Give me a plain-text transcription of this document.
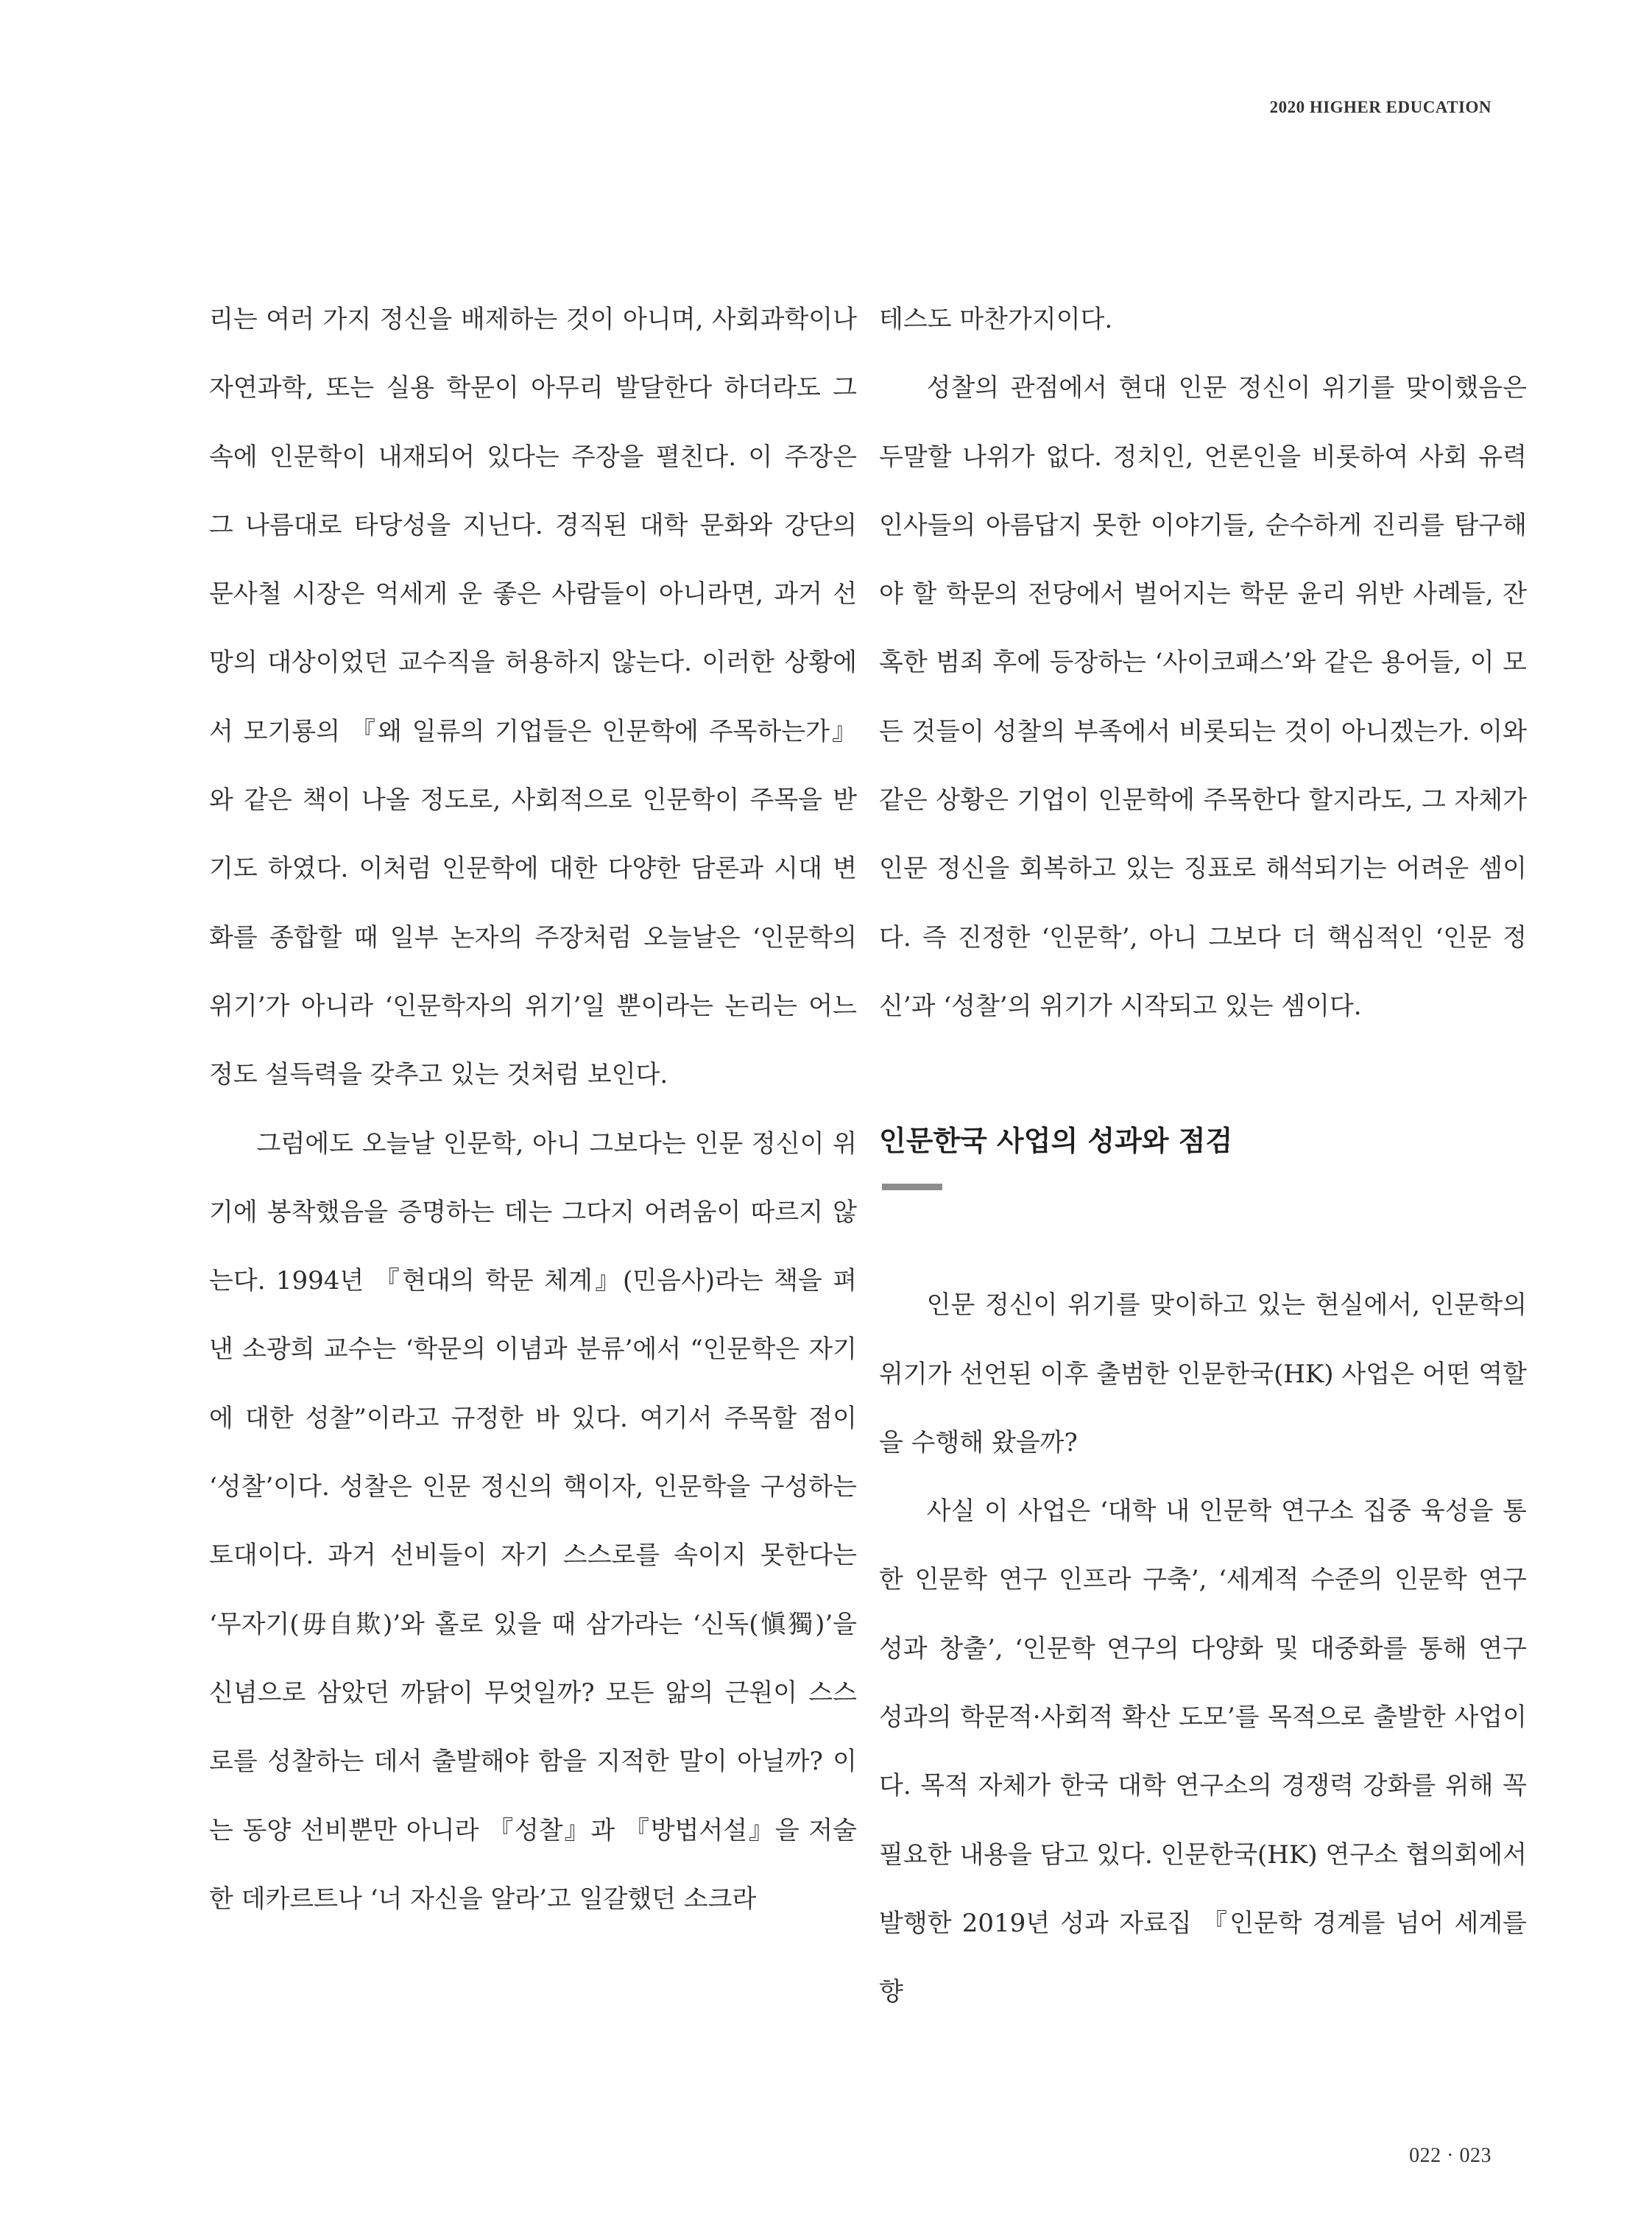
2020 HIGHER EDUCATION

리는 여러 가지 정신을 배제하는 것이 아니며, 사회과학이나 자연과학, 또는 실용 학문이 아무리 발달한다 하더라도 그 속에 인문학이 내재되어 있다는 주장을 펼친다. 이 주장은 그 나름대로 타당성을 지닌다. 경직된 대학 문화와 강단의 문사철 시장은 억세게 운 좋은 사람들이 아니라면, 과거 선망의 대상이었던 교수직을 허용하지 않는다. 이러한 상황에서 모기룡의 『왜 일류의 기업들은 인문학에 주목하는가』와 같은 책이 나올 정도로, 사회적으로 인문학이 주목을 받기도 하였다. 이처럼 인문학에 대한 다양한 담론과 시대 변화를 종합할 때 일부 논자의 주장처럼 오늘날은 ‘인문학의 위기’가 아니라 ‘인문학자의 위기’일 뿐이라는 논리는 어느 정도 설득력을 갖추고 있는 것처럼 보인다.

그럼에도 오늘날 인문학, 아니 그보다는 인문 정신이 위기에 봉착했음을 증명하는 데는 그다지 어려움이 따르지 않는다. 1994년 『현대의 학문 체계』(민음사)라는 책을 펴낸 소광희 교수는 ‘학문의 이념과 분류’에서 “인문학은 자기에 대한 성찰”이라고 규정한 바 있다. 여기서 주목할 점이 ‘성찰’이다. 성찰은 인문 정신의 핵이자, 인문학을 구성하는 토대이다. 과거 선비들이 자기 스스로를 속이지 못한다는 ‘무자기(毋自欺)’와 홀로 있을 때 삼가라는 ‘신독(愼獨)’을 신념으로 삼았던 까닭이 무엇일까? 모든 앎의 근원이 스스로를 성찰하는 데서 출발해야 함을 지적한 말이 아닐까? 이는 동양 선비뿐만 아니라 『성찰』과 『방법서설』을 저술한 데카르트나 ‘너 자신을 알라’고 일갈했던 소크라

테스도 마찬가지이다.

성찰의 관점에서 현대 인문 정신이 위기를 맞이했음은 두말할 나위가 없다. 정치인, 언론인을 비롯하여 사회 유력 인사들의 아름답지 못한 이야기들, 순수하게 진리를 탐구해야 할 학문의 전당에서 벌어지는 학문 윤리 위반 사례들, 잔혹한 범죄 후에 등장하는 ‘사이코패스’와 같은 용어들, 이 모든 것들이 성찰의 부족에서 비롯되는 것이 아니겠는가. 이와 같은 상황은 기업이 인문학에 주목한다 할지라도, 그 자체가 인문 정신을 회복하고 있는 징표로 해석되기는 어려운 셈이다. 즉 진정한 ‘인문학’, 아니 그보다 더 핵심적인 ‘인문 정신’과 ‘성찰’의 위기가 시작되고 있는 셈이다.

인문한국 사업의 성과와 점검

인문 정신이 위기를 맞이하고 있는 현실에서, 인문학의 위기가 선언된 이후 출범한 인문한국(HK) 사업은 어떤 역할을 수행해 왔을까?

사실 이 사업은 ‘대학 내 인문학 연구소 집중 육성을 통한 인문학 연구 인프라 구축’, ‘세계적 수준의 인문학 연구 성과 창출’, ‘인문학 연구의 다양화 및 대중화를 통해 연구 성과의 학문적·사회적 확산 도모’를 목적으로 출발한 사업이다. 목적 자체가 한국 대학 연구소의 경쟁력 강화를 위해 꼭 필요한 내용을 담고 있다. 인문한국(HK) 연구소 협의회에서 발행한 2019년 성과 자료집 『인문학 경계를 넘어 세계를 향

022 · 023
